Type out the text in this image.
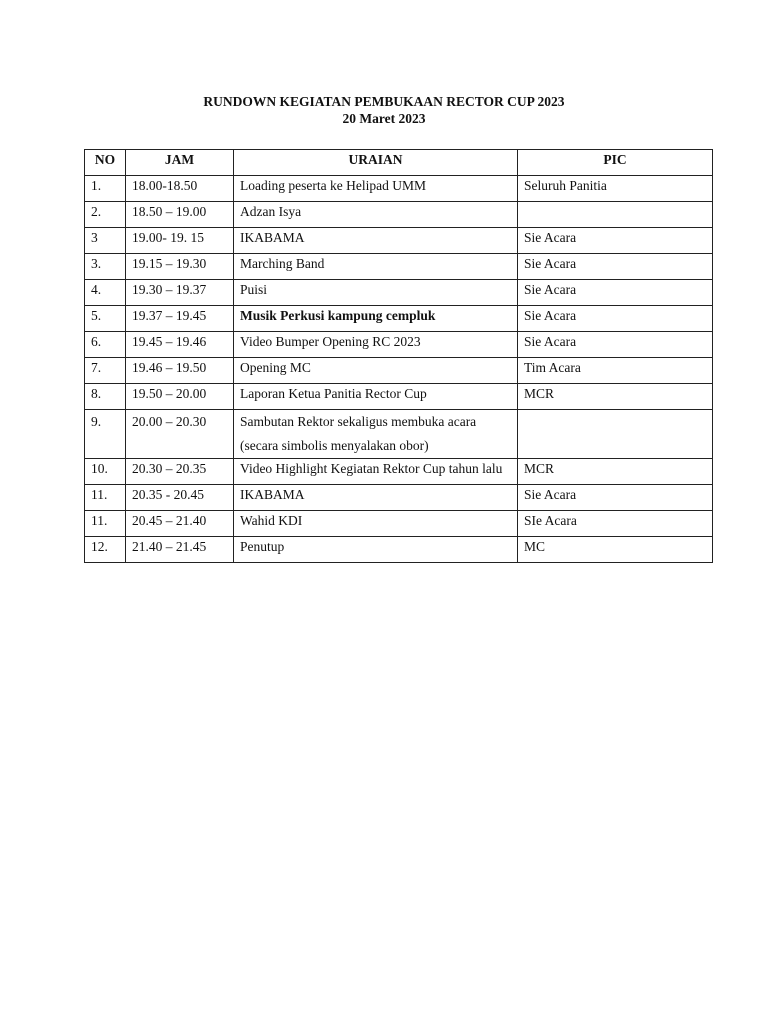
RUNDOWN KEGIATAN PEMBUKAAN RECTOR CUP 2023
20 Maret 2023
NO	JAM	URAIAN	PIC
1.	18.00-18.50	Loading peserta ke Helipad UMM	Seluruh Panitia
2.	18.50 – 19.00	Adzan Isya	
3	19.00- 19. 15	IKABAMA	Sie Acara
3.	19.15 – 19.30	Marching Band	Sie Acara
4.	19.30 – 19.37	Puisi	Sie Acara
5.	19.37 – 19.45	Musik Perkusi kampung cempluk	Sie Acara
6.	19.45 – 19.46	Video Bumper Opening RC 2023	Sie Acara
7.	19.46 – 19.50	Opening MC	Tim Acara
8.	19.50 – 20.00	Laporan Ketua Panitia Rector Cup	MCR
9.	20.00 – 20.30	Sambutan Rektor sekaligus membuka acara
(secara simbolis menyalakan obor)	

10.	20.30 – 20.35	Video Highlight Kegiatan Rektor Cup tahun lalu	MCR
11.	20.35 - 20.45	IKABAMA	Sie Acara
11.	20.45 – 21.40	Wahid KDI	SIe Acara
12.	21.40 – 21.45	Penutup	MC
